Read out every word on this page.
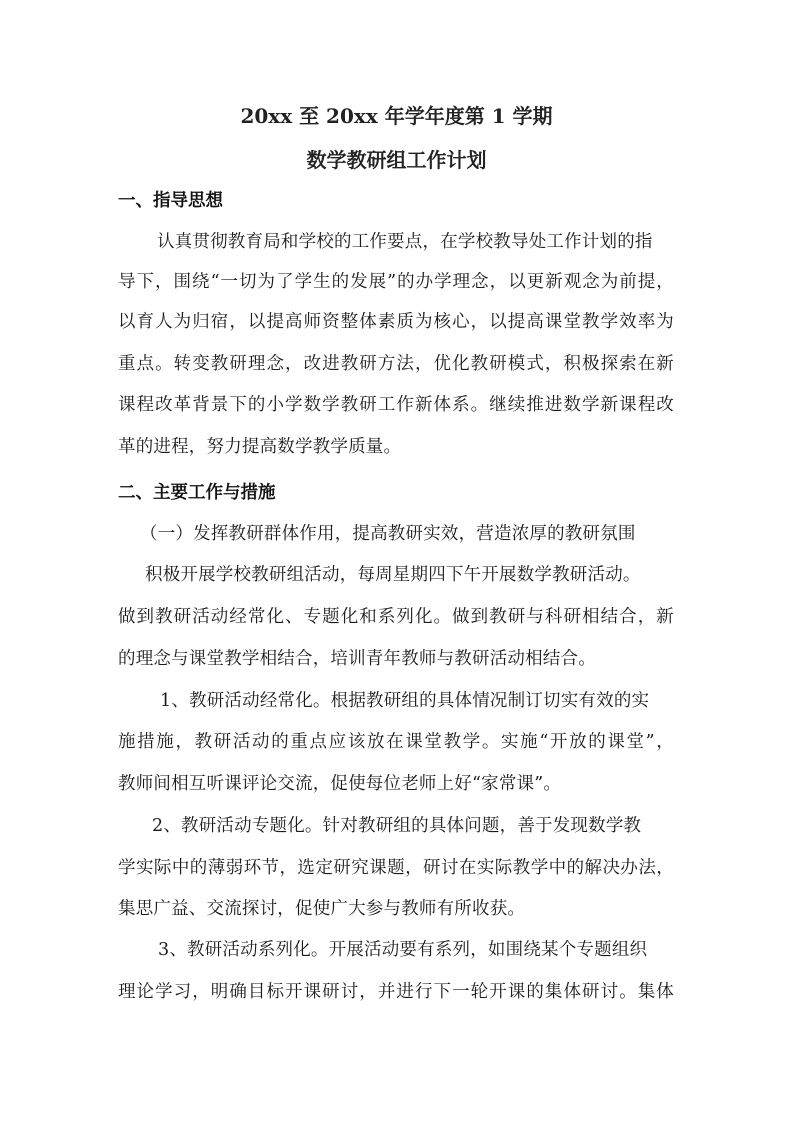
20xx 至 20xx 年学年度第 1 学期
数学教研组工作计划
一、指导思想
认真贯彻教育局和学校的工作要点，在学校教导处工作计划的指
导下，围绕“一切为了学生的发展”的办学理念，以更新观念为前提，
以育人为归宿，以提高师资整体素质为核心，以提高课堂教学效率为
重点。转变教研理念，改进教研方法，优化教研模式，积极探索在新
课程改革背景下的小学数学教研工作新体系。继续推进数学新课程改
革的进程，努力提高数学教学质量。
二、主要工作与措施
（一）发挥教研群体作用，提高教研实效，营造浓厚的教研氛围
积极开展学校教研组活动，每周星期四下午开展数学教研活动。
做到教研活动经常化、专题化和系列化。做到教研与科研相结合，新
的理念与课堂教学相结合，培训青年教师与教研活动相结合。
1、教研活动经常化。根据教研组的具体情况制订切实有效的实
施措施，教研活动的重点应该放在课堂教学。实施“开放的课堂”，
教师间相互听课评论交流，促使每位老师上好“家常课”。
2、教研活动专题化。针对教研组的具体问题，善于发现数学教
学实际中的薄弱环节，选定研究课题，研讨在实际教学中的解决办法，
集思广益、交流探讨，促使广大参与教师有所收获。
3、教研活动系列化。开展活动要有系列，如围绕某个专题组织
理论学习，明确目标开课研讨，并进行下一轮开课的集体研讨。集体
